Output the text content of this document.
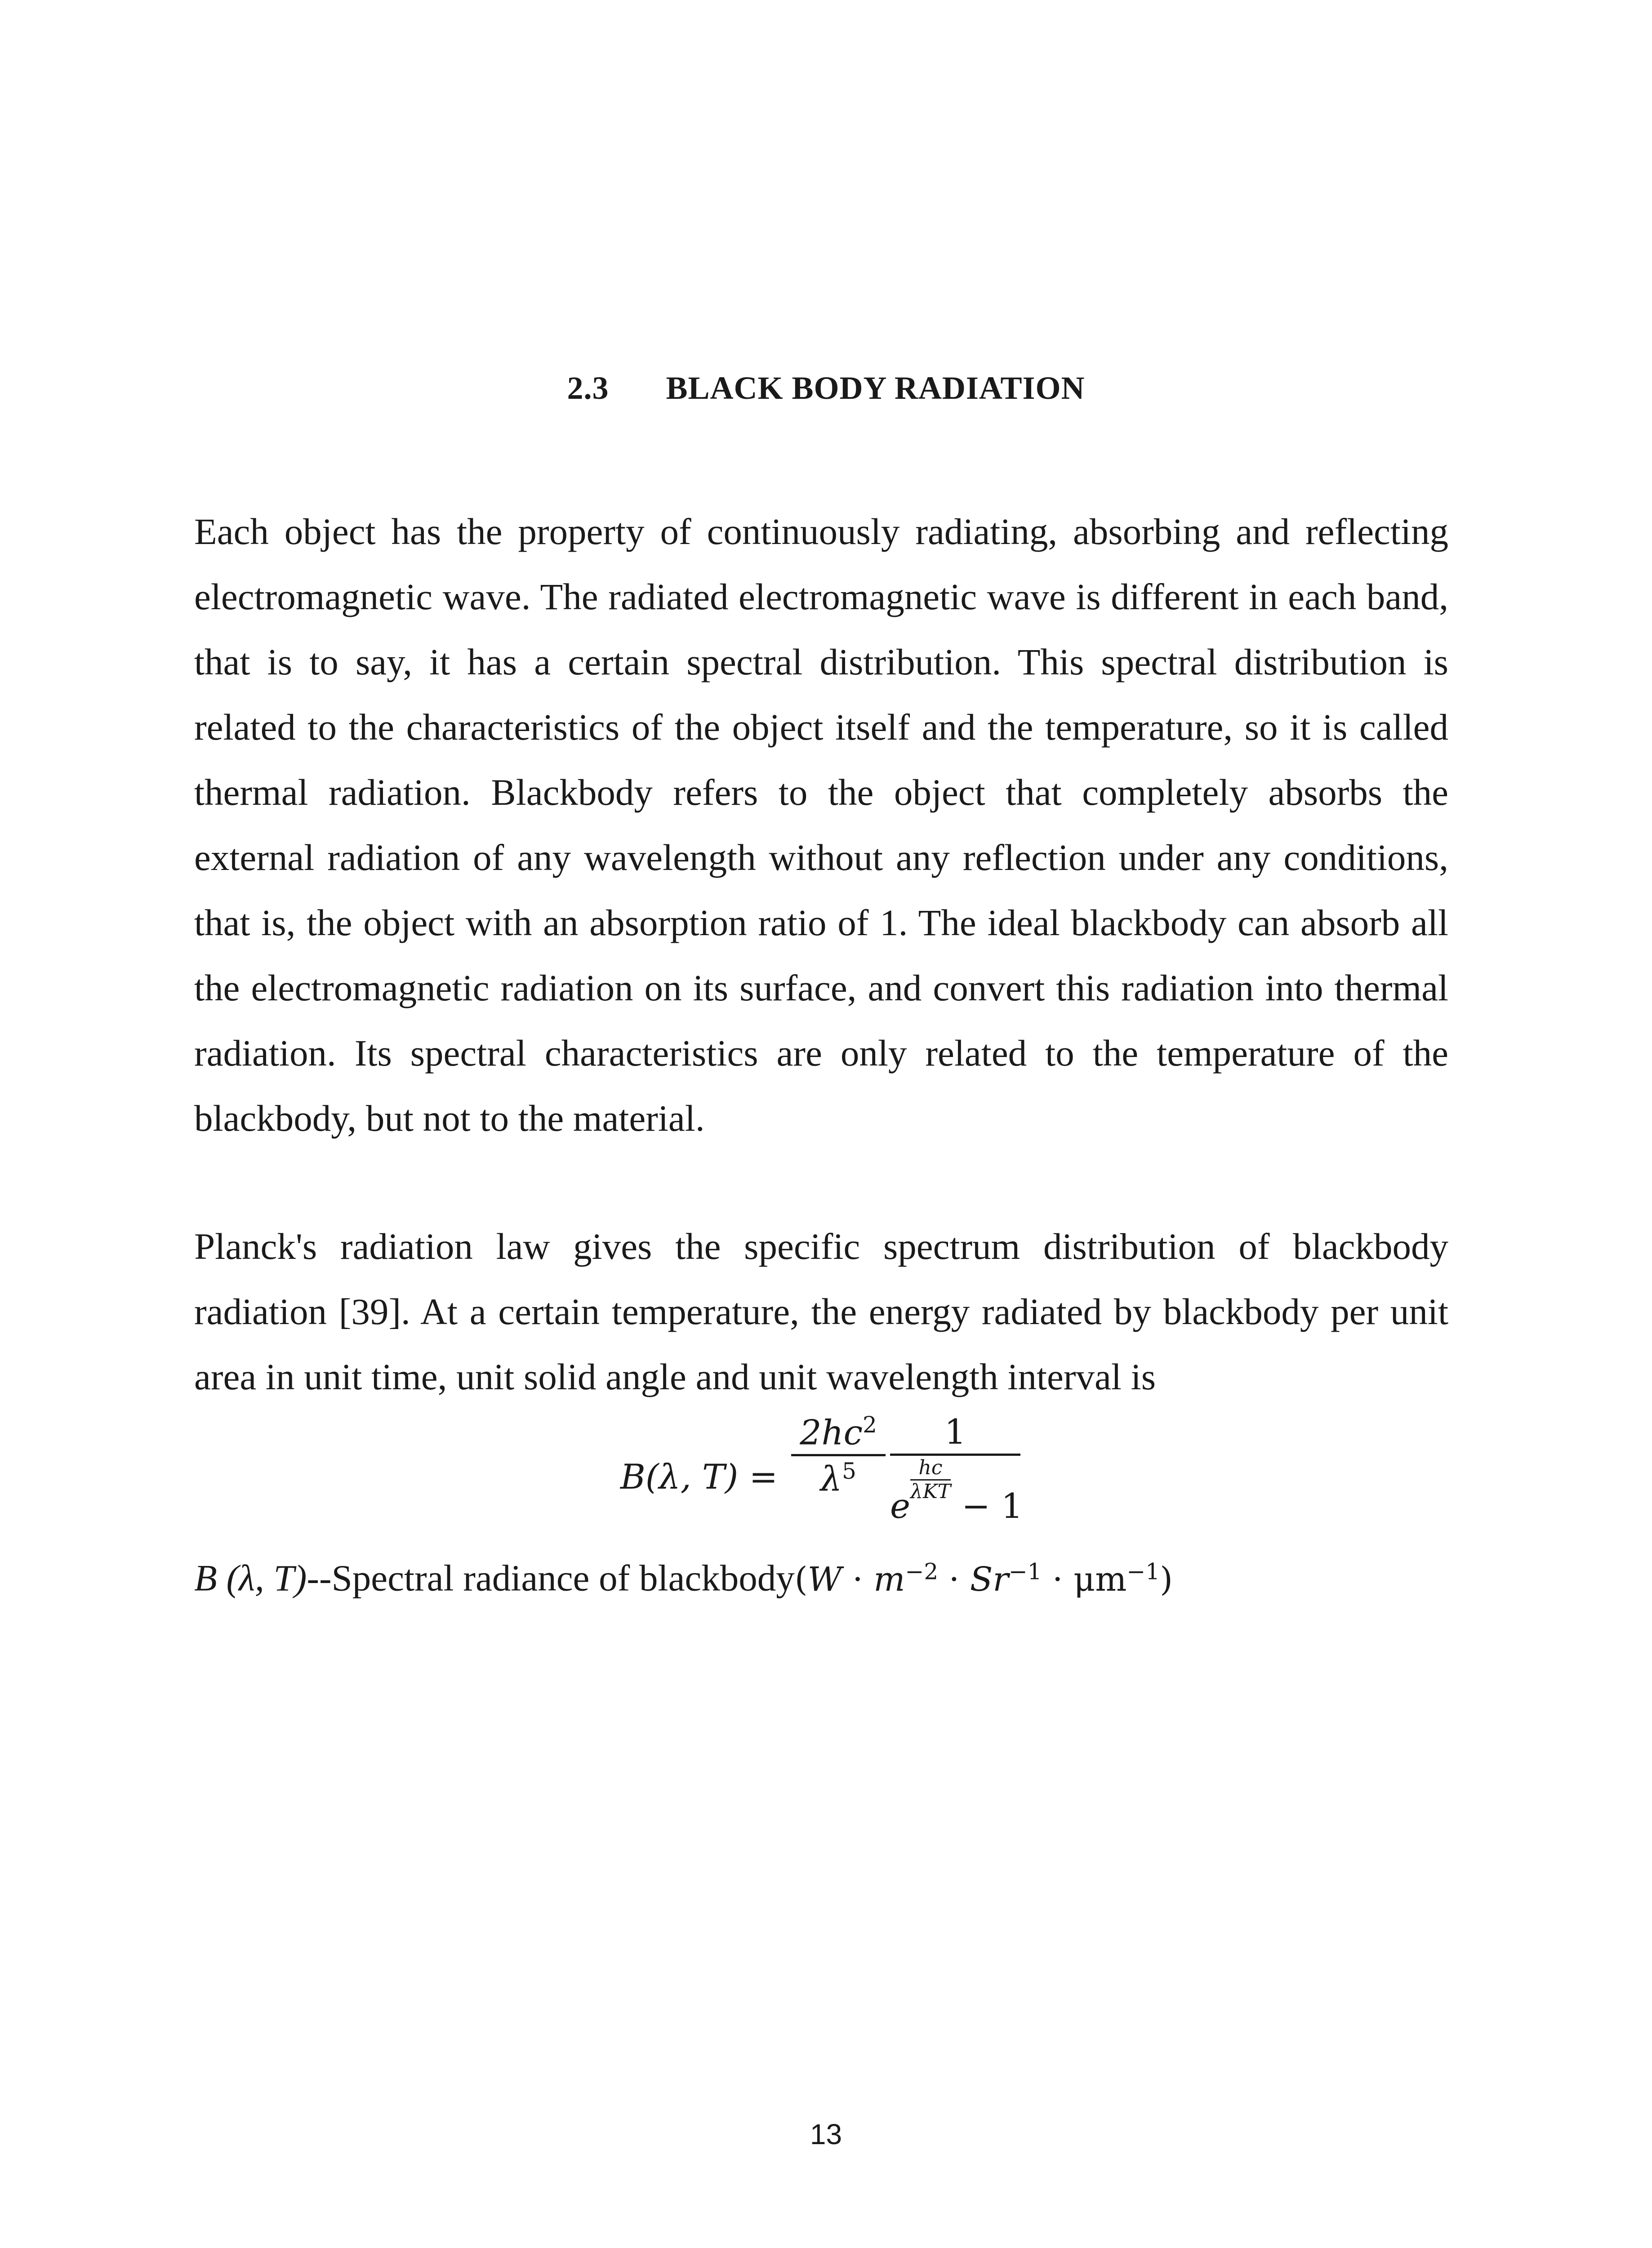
2.3 BLACK BODY RADIATION

Each object has the property of continuously radiating, absorbing and reflecting electromagnetic wave. The radiated electromagnetic wave is different in each band, that is to say, it has a certain spectral distribution. This spectral distribution is related to the characteristics of the object itself and the temperature, so it is called thermal radiation. Blackbody refers to the object that completely absorbs the external radiation of any wavelength without any reflection under any conditions, that is, the object with an absorption ratio of 1. The ideal blackbody can absorb all the electromagnetic radiation on its surface, and convert this radiation into thermal radiation. Its spectral characteristics are only related to the temperature of the blackbody, but not to the material.

Planck's radiation law gives the specific spectrum distribution of blackbody radiation [39]. At a certain temperature, the energy radiated by blackbody per unit area in unit time, unit solid angle and unit wavelength interval is

B(λ, T) =
$2hc^2$
$\lambda^5$
1
e
hc
λKT − 1
B (λ, T)--Spectral radiance of blackbody(W · $m^{-2} \cdot Sr^{-1} \cdot \mu m^{-1}$)
13
